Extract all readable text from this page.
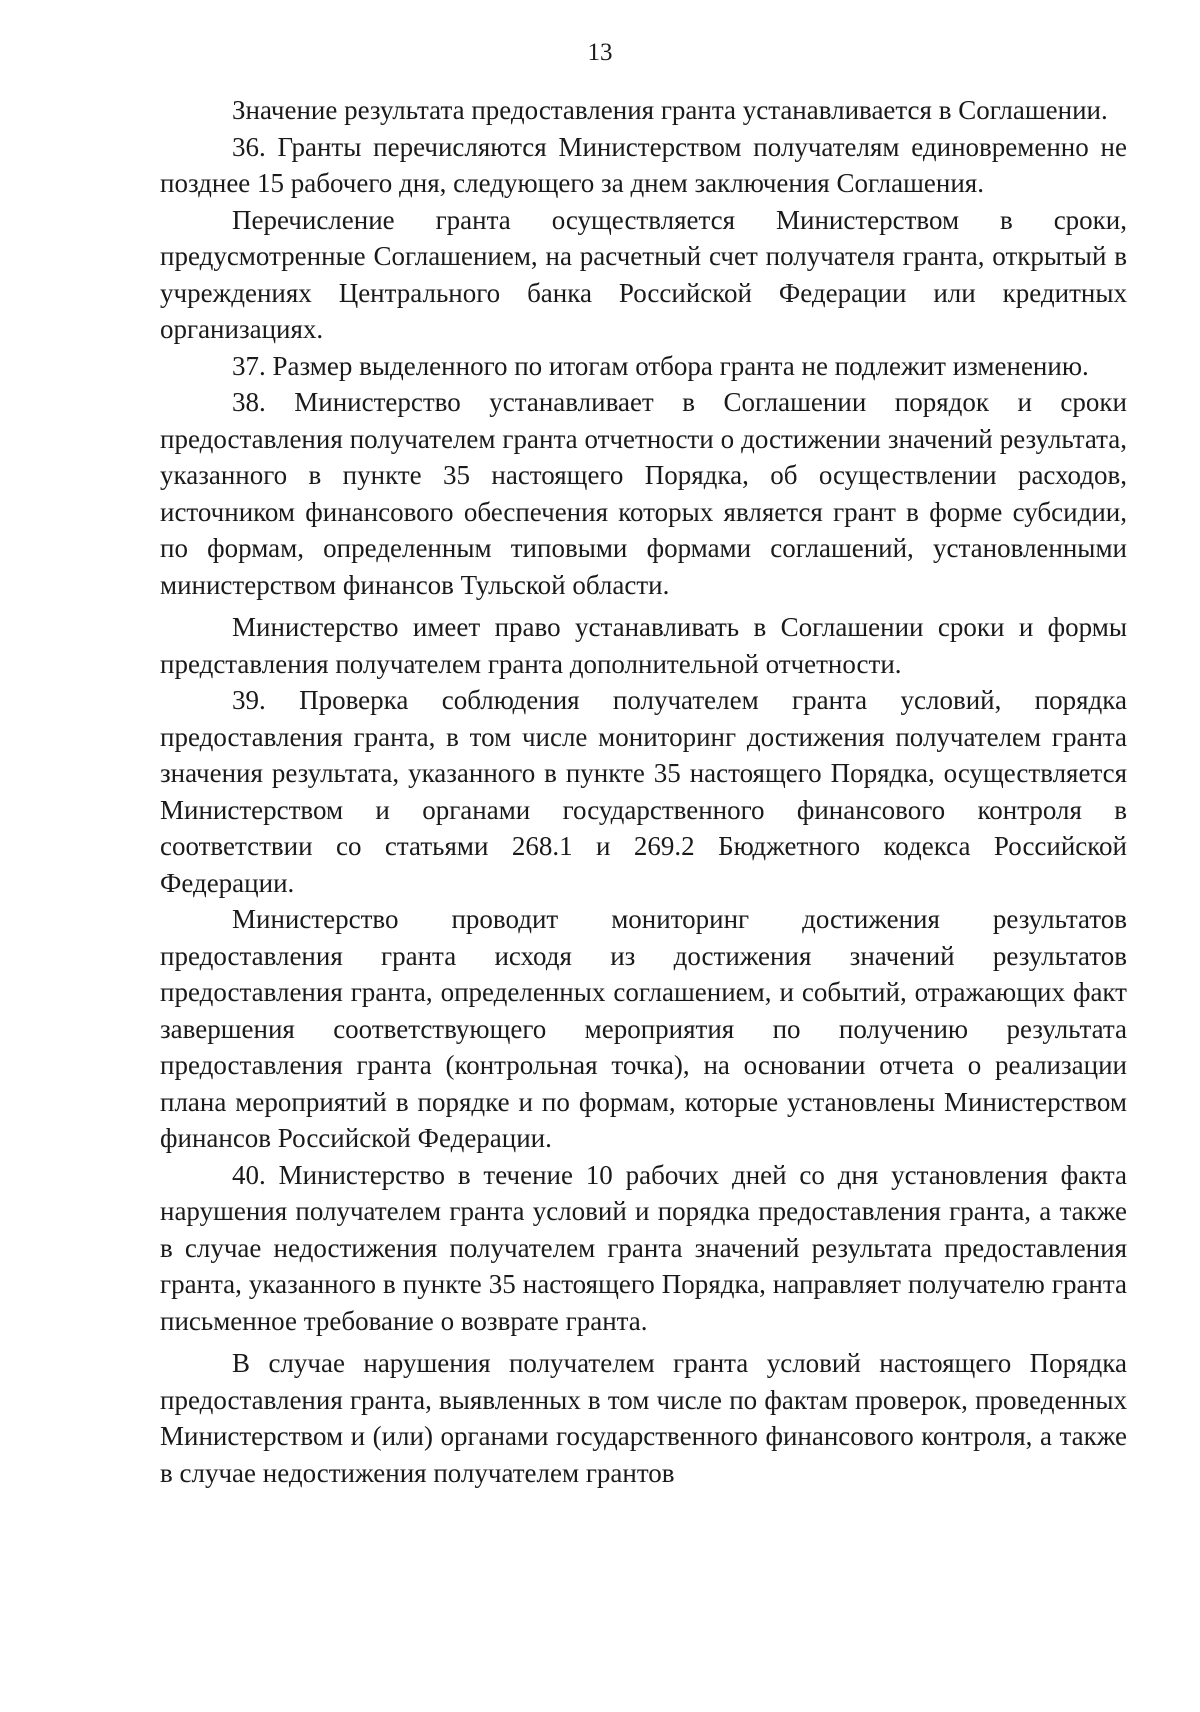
13

Значение результата предоставления гранта устанавливается в Соглашении.

36. Гранты перечисляются Министерством получателям единовременно не позднее 15 рабочего дня, следующего за днем заключения Соглашения.

Перечисление гранта осуществляется Министерством в сроки, предусмотренные Соглашением, на расчетный счет получателя гранта, открытый в учреждениях Центрального банка Российской Федерации или кредитных организациях.

37. Размер выделенного по итогам отбора гранта не подлежит изменению.

38. Министерство устанавливает в Соглашении порядок и сроки предоставления получателем гранта отчетности о достижении значений результата, указанного в пункте 35 настоящего Порядка, об осуществлении расходов, источником финансового обеспечения которых является грант в форме субсидии, по формам, определенным типовыми формами соглашений, установленными министерством финансов Тульской области.

Министерство имеет право устанавливать в Соглашении сроки и формы представления получателем гранта дополнительной отчетности.

39. Проверка соблюдения получателем гранта условий, порядка предоставления гранта, в том числе мониторинг достижения получателем гранта значения результата, указанного в пункте 35 настоящего Порядка, осуществляется Министерством и органами государственного финансового контроля в соответствии со статьями 268.1 и 269.2 Бюджетного кодекса Российской Федерации.

Министерство проводит мониторинг достижения результатов предоставления гранта исходя из достижения значений результатов предоставления гранта, определенных соглашением, и событий, отражающих факт завершения соответствующего мероприятия по получению результата предоставления гранта (контрольная точка), на основании отчета о реализации плана мероприятий в порядке и по формам, которые установлены Министерством финансов Российской Федерации.

40. Министерство в течение 10 рабочих дней со дня установления факта нарушения получателем гранта условий и порядка предоставления гранта, а также в случае недостижения получателем гранта значений результата предоставления гранта, указанного в пункте 35 настоящего Порядка, направляет получателю гранта письменное требование о возврате гранта.

В случае нарушения получателем гранта условий настоящего Порядка предоставления гранта, выявленных в том числе по фактам проверок, проведенных Министерством и (или) органами государственного финансового контроля, а также в случае недостижения получателем грантов
